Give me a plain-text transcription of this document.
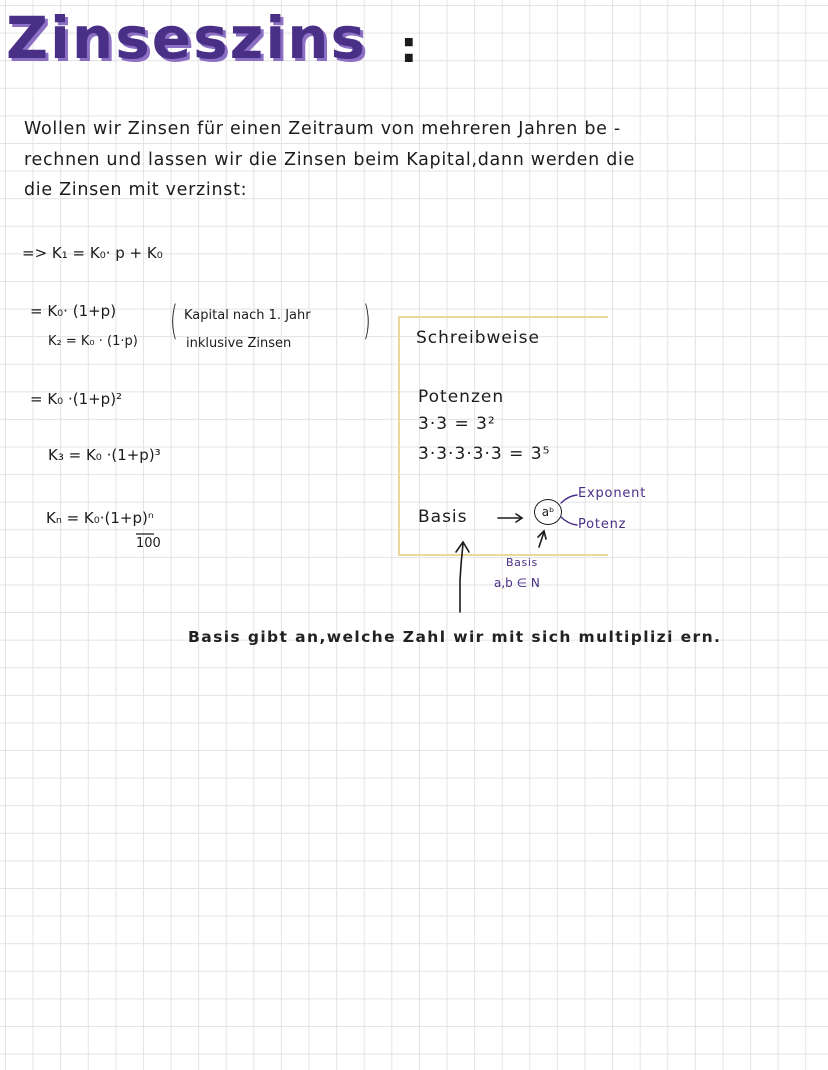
Zinseszins :
Wollen wir Zinsen für einen Zeitraum von mehreren Jahren be -
rechnen und lassen wir die Zinsen beim Kapital,dann werden die
die Zinsen mit verzinst:
=> K₁ = K₀· p + K₀
= K₀· (1+p)
K₂ = K₀ · (1·p) ( Kapital nach 1. Jahr
inklusive Zinsen )
= K₀ ·(1+p)²
K₃ = K₀ ·(1+p)³
Kₙ = K₀·(1+p)ⁿ
100
Schreibweise
Potenzen
3·3 = 3²
3·3·3·3·3 = 3⁵
Basis	aᵇ
Exponent
Potenz
Basis
a,b ∈ N
Basis gibt an,welche Zahl wir mit sich multiplizi ern.
